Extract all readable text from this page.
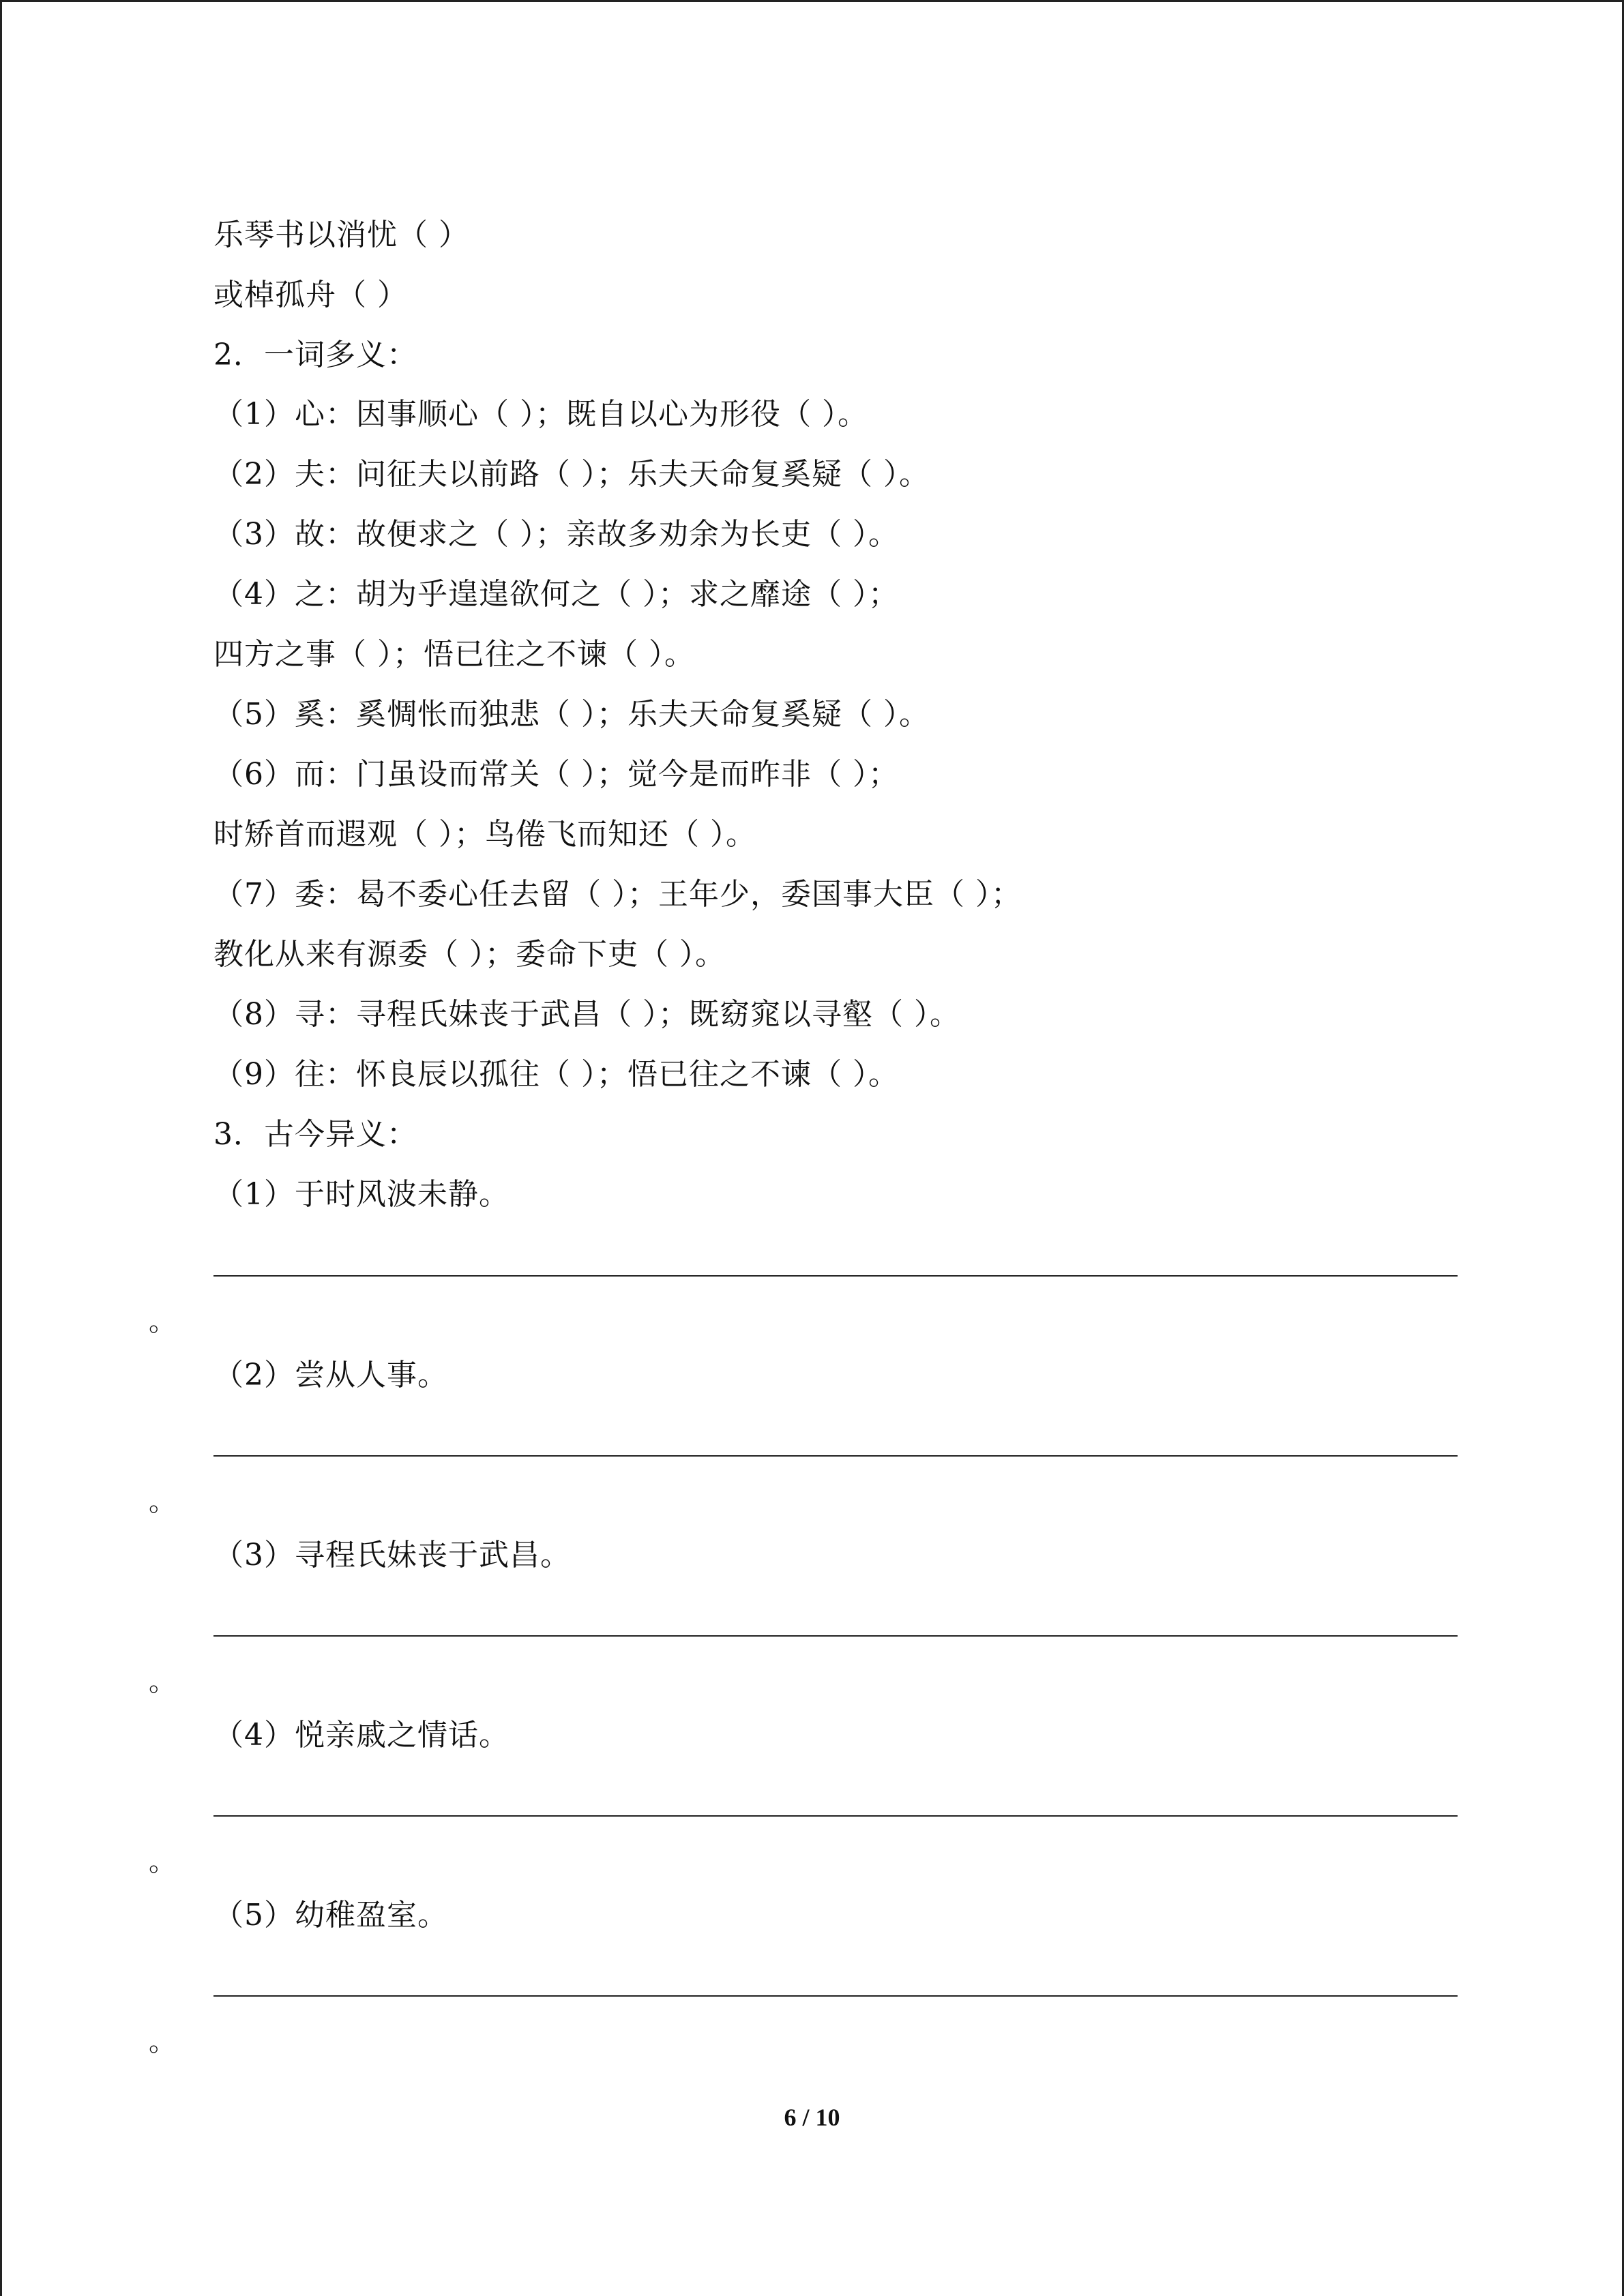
乐琴书以消忧（ ）
或棹孤舟（ ）
2．一词多义：
（1）心：因事顺心（ ）；既自以心为形役（ ）。
（2）夫：问征夫以前路（ ）；乐夫天命复奚疑（ ）。
（3）故：故便求之（ ）；亲故多劝余为长吏（ ）。
（4）之：胡为乎遑遑欲何之（ ）；求之靡途（ ）；
四方之事（ ）；悟已往之不谏（ ）。
（5）奚：奚惆怅而独悲（ ）；乐夫天命复奚疑（ ）。
（6）而：门虽设而常关（ ）；觉今是而昨非（ ）；
时矫首而遐观（ ）；鸟倦飞而知还（ ）。
（7）委：曷不委心任去留（ ）；王年少，委国事大臣（ ）；
教化从来有源委（ ）；委命下吏（ ）。
（8）寻：寻程氏妹丧于武昌（ ）；既窈窕以寻壑（ ）。
（9）往：怀良辰以孤往（ ）；悟已往之不谏（ ）。
3．古今异义：
（1）于时风波未静。
。
（2）尝从人事。
。
（3）寻程氏妹丧于武昌。
。
（4）悦亲戚之情话。
。
（5）幼稚盈室。
。
6 / 10
